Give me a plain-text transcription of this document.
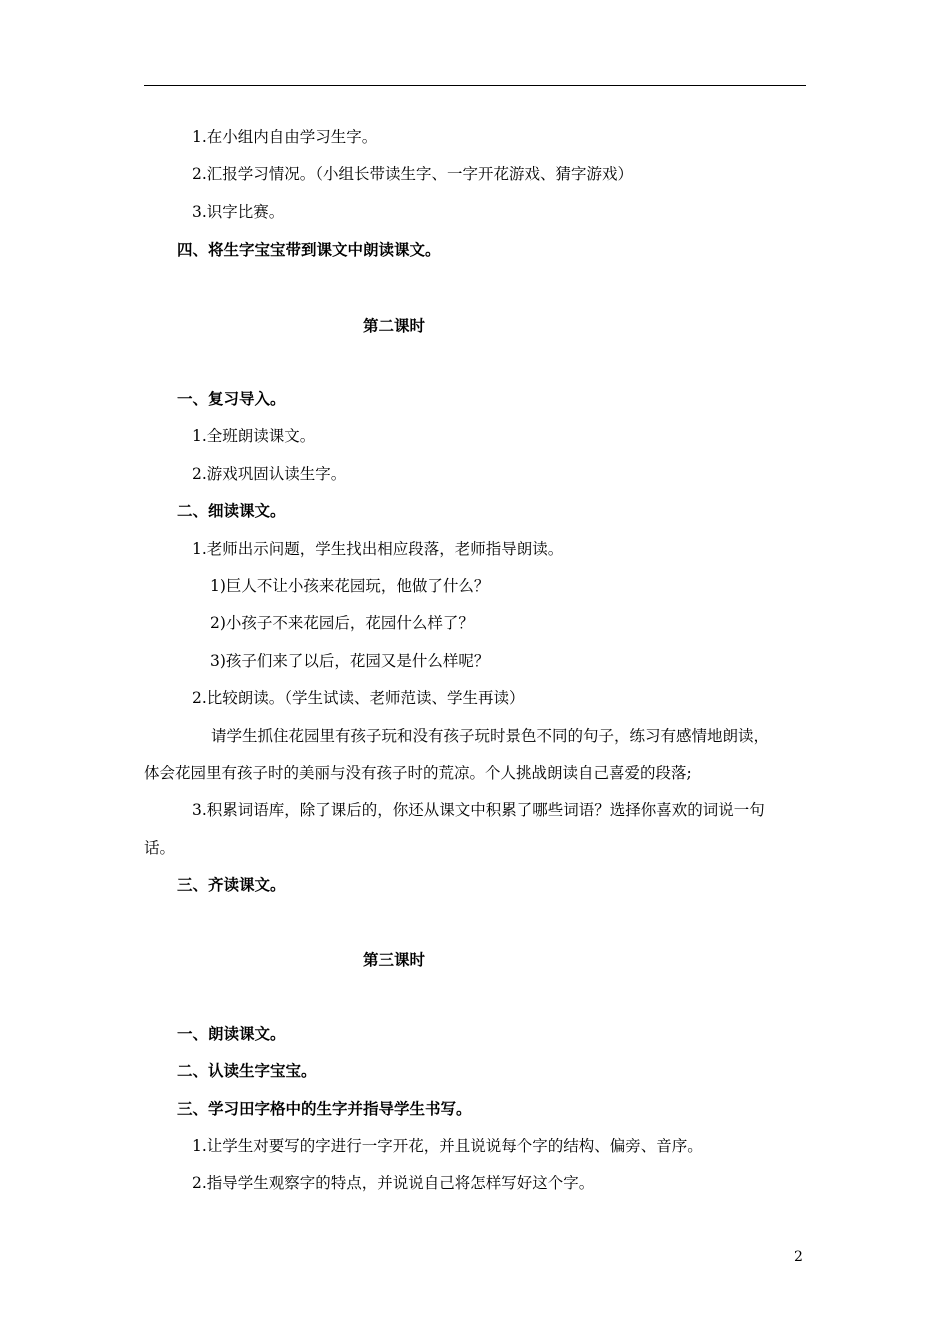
1.在小组内自由学习生字。
2.汇报学习情况。（小组长带读生字、一字开花游戏、猜字游戏）
3.识字比赛。
四、将生字宝宝带到课文中朗读课文。
第二课时
一、复习导入。
1.全班朗读课文。
2.游戏巩固认读生字。
二、细读课文。
1.老师出示问题，学生找出相应段落，老师指导朗读。
1)巨人不让小孩来花园玩，他做了什么？
2)小孩子不来花园后，花园什么样了？
3)孩子们来了以后，花园又是什么样呢？
2.比较朗读。（学生试读、老师范读、学生再读）
请学生抓住花园里有孩子玩和没有孩子玩时景色不同的句子，练习有感情地朗读，
体会花园里有孩子时的美丽与没有孩子时的荒凉。个人挑战朗读自己喜爱的段落;
3.积累词语库，除了课后的，你还从课文中积累了哪些词语？选择你喜欢的词说一句
话。
三、齐读课文。
第三课时
一、朗读课文。
二、认读生字宝宝。
三、学习田字格中的生字并指导学生书写。
1.让学生对要写的字进行一字开花，并且说说每个字的结构、偏旁、音序。
2.指导学生观察字的特点，并说说自己将怎样写好这个字。
2
